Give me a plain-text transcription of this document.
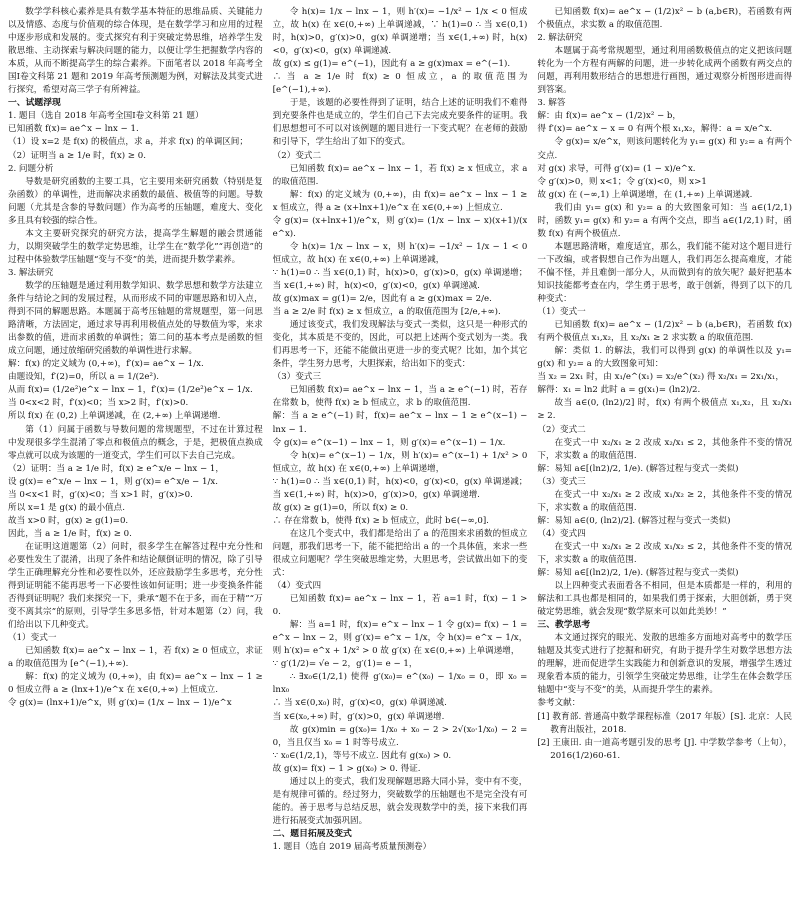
数学学科核心素养是具有数学基本特征的思维品质、关键能力以及情感、态度与价值观的综合体现，是在数学学习和应用的过程中逐步形成和发展的。变式探究有利于突破定势思维，培养学生发散思维、主动探索与解决问题的能力，以便让学生把握数学内容的本质，从而不断提高学生的综合素养。下面笔者以 2018 年高考全国Ⅰ卷文科第 21 题和 2019 年高考预测题为例，对解法及其变式进行探究，希望对高三学子有所裨益。

一、试题浮现

1. 题目（选自 2018 年高考全国Ⅰ卷文科第 21 题）

已知函数 f(x)= ae^x − lnx − 1.

（1）设 x=2 是 f(x) 的极值点，求 a，并求 f(x) 的单调区间；

（2）证明当 a ≥ 1/e 时，f(x) ≥ 0.

2. 问题分析

导数是研究函数的主要工具，它主要用来研究函数（特别是复杂函数）的单调性，进而解决求函数的最值、极值等的问题。导数问题（尤其是含参的导数问题）作为高考的压轴题，难度大、变化多且具有较强的综合性。

本文主要研究探究的研究方法，提高学生解题的融会贯通能力，以期突破学生的数学定势思维，让学生在“数学化”“再创造”的过程中体验数学压轴题“变与不变”的美，进而提升数学素养。

3. 解法研究

数学的压轴题是通过利用数学知识、数学思想和数学方法建立条件与结论之间的发展过程，从而形成不同的审题思路和切入点，得到不同的解题思路。本题属于高考压轴题的常规题型，第一问思路清晰，方法固定，通过求导再利用极值点处的导数值为零，来求出参数的值，进而求函数的单调性；第二问的基本考点是函数的恒成立问题，通过放缩研究函数的单调性进行求解。

解：f(x) 的定义域为 (0,+∞)，f′(x)= ae^x − 1/x.

由题设知，f′(2)=0，所以 a = 1/(2e²).

从而 f(x)= (1/2e²)e^x − lnx − 1，f′(x)= (1/2e²)e^x − 1/x.

当 0<x<2 时，f′(x)<0；当 x>2 时，f′(x)>0.

所以 f(x) 在 (0,2) 上单调递减，在 (2,+∞) 上单调递增.

第（1）问属于函数与导数问题的常规题型，不过在计算过程中发现很多学生混淆了零点和极值点的概念，于是，把极值点换成零点就可以成为该题的一道变式，学生们可以下去自己完成。

（2）证明：当 a ≥ 1/e 时，f(x) ≥ e^x/e − lnx − 1，

设 g(x)= e^x/e − lnx − 1，则 g′(x)= e^x/e − 1/x.

当 0<x<1 时，g′(x)<0；当 x>1 时，g′(x)>0.

所以 x=1 是 g(x) 的最小值点.

故当 x>0 时，g(x) ≥ g(1)=0.

因此，当 a ≥ 1/e 时，f(x) ≥ 0.

在证明这道题第（2）问时，很多学生在解答过程中充分性和必要性发生了混淆，出现了条件和结论颠倒证明的情况，除了引导学生正确理解充分性和必要性以外，还应鼓励学生多思考，充分性得到证明能不能再思考一下必要性该如何证明；进一步变换条件能否得到证明呢？我们来探究一下，秉承“题不在于多，而在于精”“万变不离其宗”的原则，引导学生多思多悟，针对本题第（2）问，我们给出以下几种变式。

（1）变式一

已知函数 f(x)= ae^x − lnx − 1，若 f(x) ≥ 0 恒成立，求证 a 的取值范围为 [e^(−1),+∞).

解：f(x) 的定义域为 (0,+∞)，由 f(x)= ae^x − lnx − 1 ≥ 0 恒成立得 a ≥ (lnx+1)/e^x 在 x∈(0,+∞) 上恒成立.

令 g(x)= (lnx+1)/e^x，则 g′(x)= (1/x − lnx − 1)/e^x

令 h(x)= 1/x − lnx − 1，则 h′(x)= −1/x² − 1/x < 0 恒成立，故 h(x) 在 x∈(0,+∞) 上单调递减，∵ h(1)=0 ∴ 当 x∈(0,1) 时，h(x)>0，g′(x)>0，g(x) 单调递增；当 x∈(1,+∞) 时，h(x)<0，g′(x)<0，g(x) 单调递减.

故 g(x) ≤ g(1)= e^(−1)，因此有 a ≥ g(x)max = e^(−1).

∴ 当 a ≥ 1/e 时 f(x) ≥ 0 恒成立，a 的取值范围为 [e^(−1),+∞).

于是，该题的必要性得到了证明，结合上述的证明我们不难得到充要条件也是成立的，学生们自己下去完成充要条件的证明。我们思想想可不可以对该例题的题目进行一下变式呢？在老师的鼓励和引导下，学生给出了如下的变式。

（2）变式二

已知函数 f(x)= ae^x − lnx − 1，若 f(x) ≥ x 恒成立，求 a 的取值范围.

解：f(x) 的定义域为 (0,+∞)，由 f(x)= ae^x − lnx − 1 ≥ x 恒成立，得 a ≥ (x+lnx+1)/e^x 在 x∈(0,+∞) 上恒成立.

令 g(x)= (x+lnx+1)/e^x，则 g′(x)= (1/x − lnx − x)(x+1)/(x e^x).

令 h(x)= 1/x − lnx − x，则 h′(x)= −1/x² − 1/x − 1 < 0 恒成立，故 h(x) 在 x∈(0,+∞) 上单调递减，

∵ h(1)=0 ∴ 当 x∈(0,1) 时，h(x)>0，g′(x)>0，g(x) 单调递增；当 x∈(1,+∞) 时，h(x)<0，g′(x)<0，g(x) 单调递减.

故 g(x)max = g(1)= 2/e，因此有 a ≥ g(x)max = 2/e.

当 a ≥ 2/e 时 f(x) ≥ x 恒成立，a 的取值范围为 [2/e,+∞).

通过该变式，我们发现解法与变式一类似，这只是一种形式的变化，其本质是不变的，因此，可以把上述两个变式划为一类。我们再思考一下，还能不能做出更进一步的变式呢？比如，加个其它条件，学生努力思考，大胆探索，给出如下的变式：

（3）变式三

已知函数 f(x)= ae^x − lnx − 1，当 a ≥ e^(−1) 时，若存在常数 b，使得 f(x) ≥ b 恒成立，求 b 的取值范围.

解：当 a ≥ e^(−1) 时，f(x)= ae^x − lnx − 1 ≥ e^(x−1) − lnx − 1.

令 g(x)= e^(x−1) − lnx − 1，则 g′(x)= e^(x−1) − 1/x.

令 h(x)= e^(x−1) − 1/x，则 h′(x)= e^(x−1) + 1/x² > 0 恒成立，故 h(x) 在 x∈(0,+∞) 上单调递增，

∵ h(1)=0 ∴ 当 x∈(0,1) 时，h(x)<0，g′(x)<0，g(x) 单调递减；当 x∈(1,+∞) 时，h(x)>0，g′(x)>0，g(x) 单调递增.

故 g(x) ≥ g(1)=0，所以 f(x) ≥ 0.

∴ 存在常数 b，使得 f(x) ≥ b 恒成立，此时 b∈(−∞,0].

在这几个变式中，我们都是给出了 a 的范围来求函数的恒成立问题，那我们思考一下，能不能把给出 a 的一个具体值，来求一些很成立问题呢？学生突破思维定势，大胆思考，尝试做出如下的变式：

（4）变式四

已知函数 f(x)= ae^x − lnx − 1，若 a=1 时，f(x) − 1 > 0.

解：当 a=1 时，f(x)= e^x − lnx − 1 令 g(x)= f(x) − 1 = e^x − lnx − 2，则 g′(x)= e^x − 1/x，令 h(x)= e^x − 1/x，则 h′(x)= e^x + 1/x² > 0 故 g′(x) 在 x∈(0,+∞) 上单调递增，

∵ g′(1/2)= √e − 2，g′(1)= e − 1，

∴ ∃x₀∈(1/2,1) 使得 g′(x₀)= e^(x₀) − 1/x₀ = 0，即 x₀ = lnx₀

∴ 当 x∈(0,x₀) 时，g′(x)<0，g(x) 单调递减.

当 x∈(x₀,+∞) 时，g′(x)>0，g(x) 单调递增.

故 g(x)min = g(x₀)= 1/x₀ + x₀ − 2 > 2√(x₀·1/x₀) − 2 = 0，当且仅当 x₀ = 1 时等号成立.

∵ x₀∈(1/2,1)，等号不成立. 因此有 g(x₀) > 0.

故 g(x)= f(x) − 1 > g(x₀) > 0. 得证.

通过以上的变式，我们发现解题思路大同小异，变中有不变，是有规律可循的。经过努力，突破数学的压轴题也不是完全没有可能的。善于思考与总结反思，就会发现数学中的美，接下来我们再进行拓展变式加强巩固。

二、题目拓展及变式

1. 题目（选自 2019 届高考质量预测卷）

已知函数 f(x)= ae^x − (1/2)x² − b (a,b∈R)，若函数有两个极值点，求实数 a 的取值范围.

2. 解法研究

本题属于高考常规题型，通过利用函数极值点的定义把该问题转化为一个方程有两解的问题，进一步转化成两个函数有两交点的问题，再利用数形结合的思想进行画图，通过观察分析图形进而得到答案。

3. 解答

解：由 f(x)= ae^x − (1/2)x² − b，

得 f′(x)= ae^x − x = 0 有两个根 x₁,x₂，解得：a = x/e^x.

令 g(x)= x/e^x，则该问题转化为 y₁= g(x) 和 y₂= a 有两个交点.

对 g(x) 求导，可得 g′(x)= (1 − x)/e^x.

令 g′(x)>0，则 x<1；令 g′(x)<0，则 x>1

故 g(x) 在 (−∞,1) 上单调递增，在 (1,+∞) 上单调递减.

我们由 y₁= g(x) 和 y₂= a 的大致图象可知：当 a∈(1/2,1) 时，函数 y₁= g(x) 和 y₂= a 有两个交点，即当 a∈(1/2,1) 时，函数 f(x) 有两个极值点.

本题思路清晰，难度适宜，那么，我们能不能对这个题目进行一下改编，或者假想自己作为出题人，我们再怎么提高难度，才能不偏不怪，并且难倒一部分人，从而做到有的放矢呢？最好把基本知识技能都考查在内，学生勇于思考，敢于创新，得到了以下的几种变式：

（1）变式一

已知函数 f(x)= ae^x − (1/2)x² − b (a,b∈R)，若函数 f(x) 有两个极值点 x₁,x₂，且 x₂/x₁ ≥ 2 求实数 a 的取值范围.

解：类似 1. 的解法，我们可以得到 g(x) 的单调性以及 y₁= g(x) 和 y₂= a 的大致图象可知：

当 x₂ = 2x₁ 时，由 x₁/e^(x₁) = x₂/e^(x₂) 得 x₂/x₁ = 2x₁/x₁，

解得：x₁ = ln2 此时 a = g(x₁)= (ln2)/2.

故当 a∈(0, (ln2)/2] 时，f(x) 有两个极值点 x₁,x₂，且 x₂/x₁ ≥ 2.

（2）变式二

在变式一中 x₂/x₁ ≥ 2 改成 x₂/x₁ ≤ 2，其他条件不变的情况下，求实数 a 的取值范围.

解：易知 a∈[(ln2)/2, 1/e). (解答过程与变式一类似)

（3）变式三

在变式一中 x₂/x₁ ≥ 2 改成 x₁/x₂ ≥ 2，其他条件不变的情况下，求实数 a 的取值范围.

解：易知 a∈(0, (ln2)/2]. (解答过程与变式一类似)

（4）变式四

在变式一中 x₂/x₁ ≥ 2 改成 x₁/x₂ ≤ 2，其他条件不变的情况下，求实数 a 的取值范围.

解：易知 a∈[(ln2)/2, 1/e). (解答过程与变式一类似)

以上四种变式表面看各不相同，但是本质都是一样的，利用的解法和工具也都是相同的，如果我们勇于探索，大胆创新，勇于突破定势思维，就会发现“数学原来可以如此美妙！”

三、教学思考

本文通过探究的眼光、发散的思维多方面地对高考中的数学压轴题及其变式进行了挖掘和研究，有助于提升学生对数学思想方法的理解，进而促进学生实践能力和创新意识的发展，增强学生透过现象看本质的能力，引领学生突破定势思维，让学生在体会数学压轴题中“变与不变”的美，从而提升学生的素养。

参考文献：

[1] 教育部. 普通高中数学课程标准（2017 年版）[S]. 北京：人民教育出版社，2018.

[2] 王康田. 由一道高考题引发的思考 [J]. 中学数学参考（上旬），2016(1/2)60-61.
